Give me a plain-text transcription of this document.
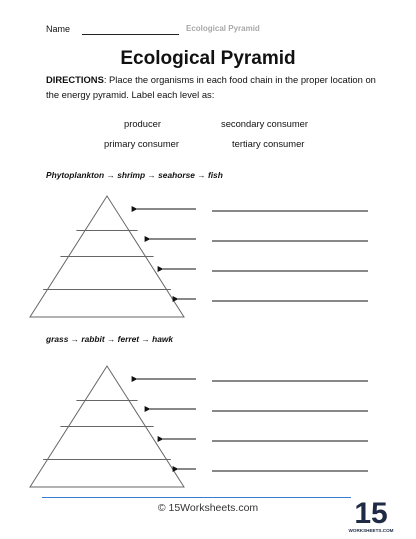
Name	Ecological Pyramid
Ecological Pyramid
DIRECTIONS: Place the organisms in each food chain in the proper location on the energy pyramid. Label each level as:
producer	secondary consumer
primary consumer	tertiary consumer
Phytoplankton → shrimp → seahorse → fish
grass → rabbit → ferret → hawk
© 15Worksheets.com	15
WORKSHEETS.COM
